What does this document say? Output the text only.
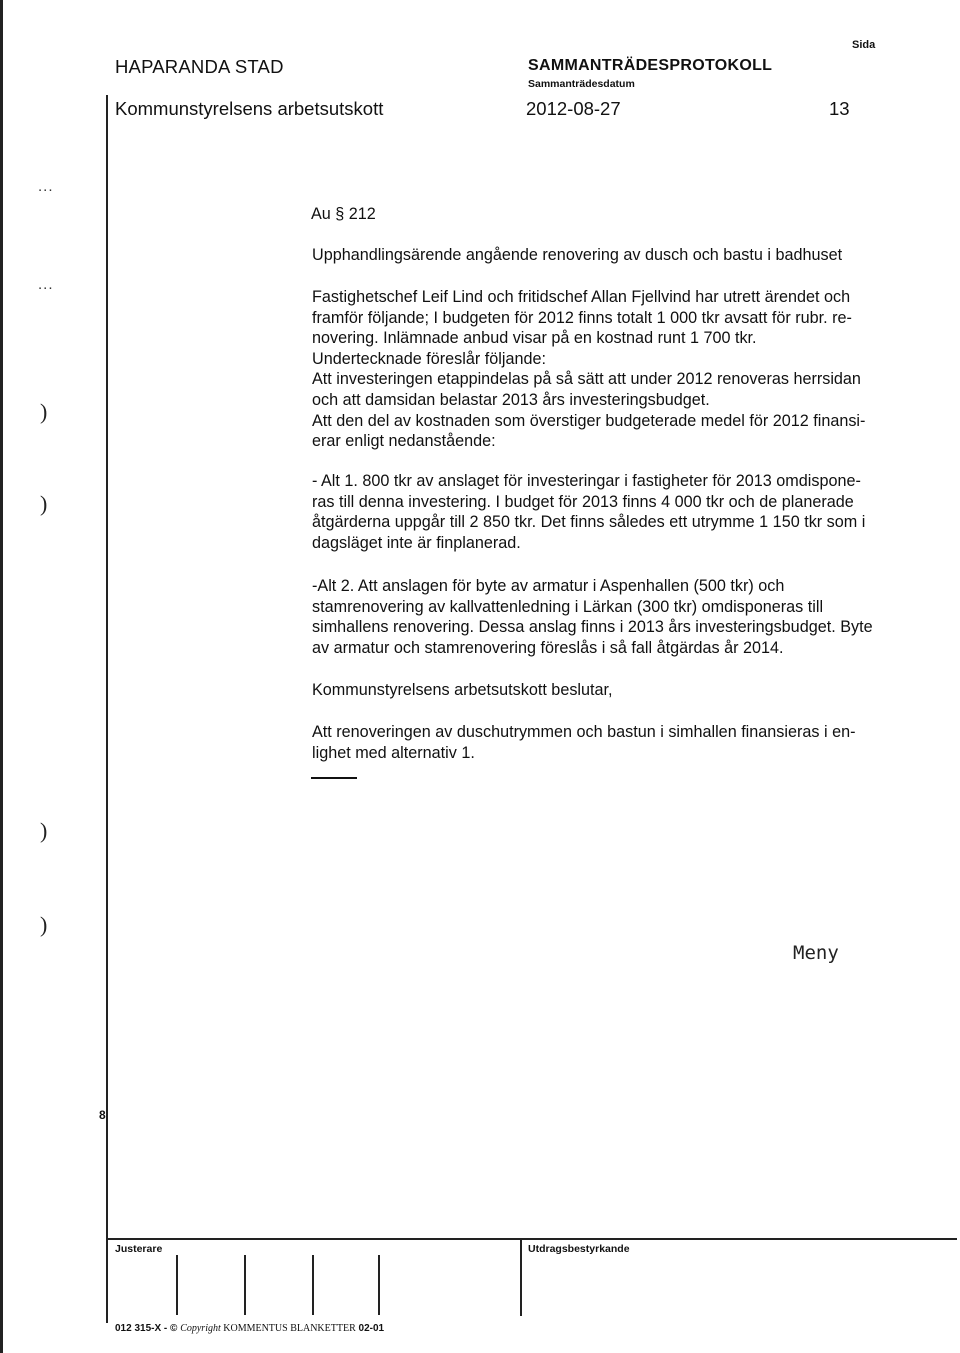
HAPARANDA STAD
Kommunstyrelsens arbetsutskott
SAMMANTRÄDESPROTOKOLL
Sammanträdesdatum
2012-08-27
Sida
13
...
...
)
)
)
)
8
Au § 212
Upphandlingsärende angående renovering av dusch och bastu i badhuset
Fastighetschef Leif Lind och fritidschef Allan Fjellvind har utrett ärendet och
framför följande; I budgeten för 2012 finns totalt 1 000 tkr avsatt för rubr. re-
novering. Inlämnade anbud visar på en kostnad runt 1 700 tkr.
Undertecknade föreslår följande:
Att investeringen etappindelas på så sätt att under 2012 renoveras herrsidan
och att damsidan belastar 2013 års investeringsbudget.
Att den del av kostnaden som överstiger budgeterade medel för 2012 finansi-
erar enligt nedanstående:
- Alt 1. 800 tkr av anslaget för investeringar i fastigheter för 2013 omdispone-
ras till denna investering. I budget för 2013 finns 4 000 tkr och de planerade
åtgärderna uppgår till 2 850 tkr. Det finns således ett utrymme 1 150 tkr som i
dagsläget inte är finplanerad.
-Alt 2. Att anslagen för byte av armatur i Aspenhallen (500 tkr) och
stamrenovering av kallvattenledning i Lärkan (300 tkr) omdisponeras till
simhallens renovering. Dessa anslag finns i 2013 års investeringsbudget. Byte
av armatur och stamrenovering föreslås i så fall åtgärdas år 2014.
Kommunstyrelsens arbetsutskott beslutar,
Att renoveringen av duschutrymmen och bastun i simhallen finansieras i en-
lighet med alternativ 1.
Meny
Justerare	Utdragsbestyrkande
012 315-X - © Copyright KOMMENTUS BLANKETTER 02-01
